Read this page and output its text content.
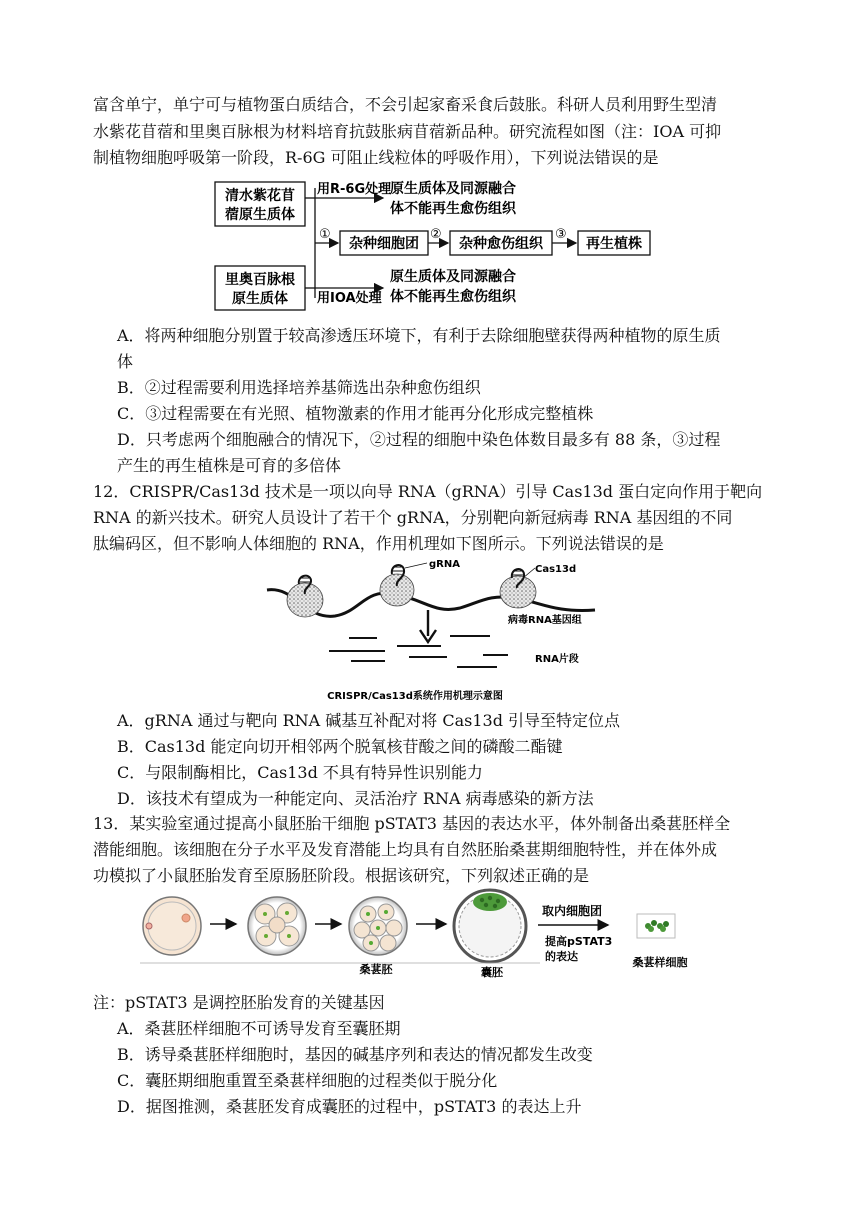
富含单宁，单宁可与植物蛋白质结合，不会引起家畜采食后鼓胀。科研人员利用野生型清
水紫花苜蓿和里奥百脉根为材料培育抗鼓胀病苜蓿新品种。研究流程如图（注：IOA 可抑
制植物细胞呼吸第一阶段，R-6G 可阻止线粒体的呼吸作用），下列说法错误的是
清水紫花苜
蓿原生质体
里奥百脉根
原生质体
用R-6G处理
原生质体及同源融合
体不能再生愈伤组织
用IOA处理
原生质体及同源融合
体不能再生愈伤组织
①
杂种细胞团
②
杂种愈伤组织
③
再生植株
A．将两种细胞分别置于较高渗透压环境下，有利于去除细胞壁获得两种植物的原生质
体
B．②过程需要利用选择培养基筛选出杂种愈伤组织
C．③过程需要在有光照、植物激素的作用才能再分化形成完整植株
D．只考虑两个细胞融合的情况下，②过程的细胞中染色体数目最多有 88 条，③过程
产生的再生植株是可育的多倍体
12．CRISPR/Cas13d 技术是一项以向导 RNA（gRNA）引导 Cas13d 蛋白定向作用于靶向
RNA 的新兴技术。研究人员设计了若干个 gRNA，分别靶向新冠病毒 RNA 基因组的不同
肽编码区，但不影响人体细胞的 RNA，作用机理如下图所示。下列说法错误的是
gRNA	Cas13d
病毒RNA基因组
RNA片段
CRISPR/Cas13d系统作用机理示意图
A．gRNA 通过与靶向 RNA 碱基互补配对将 Cas13d 引导至特定位点
B．Cas13d 能定向切开相邻两个脱氧核苷酸之间的磷酸二酯键
C．与限制酶相比，Cas13d 不具有特异性识别能力
D．该技术有望成为一种能定向、灵活治疗 RNA 病毒感染的新方法
13．某实验室通过提高小鼠胚胎干细胞 pSTAT3 基因的表达水平，体外制备出桑葚胚样全
潜能细胞。该细胞在分子水平及发育潜能上均具有自然胚胎桑葚期细胞特性，并在体外成
功模拟了小鼠胚胎发育至原肠胚阶段。根据该研究，下列叙述正确的是
桑葚胚	囊胚
取内细胞团
提高pSTAT3
的表达	桑葚样细胞
注：pSTAT3 是调控胚胎发育的关键基因
A．桑葚胚样细胞不可诱导发育至囊胚期
B．诱导桑葚胚样细胞时，基因的碱基序列和表达的情况都发生改变
C．囊胚期细胞重置至桑葚样细胞的过程类似于脱分化
D．据图推测，桑葚胚发育成囊胚的过程中，pSTAT3 的表达上升
